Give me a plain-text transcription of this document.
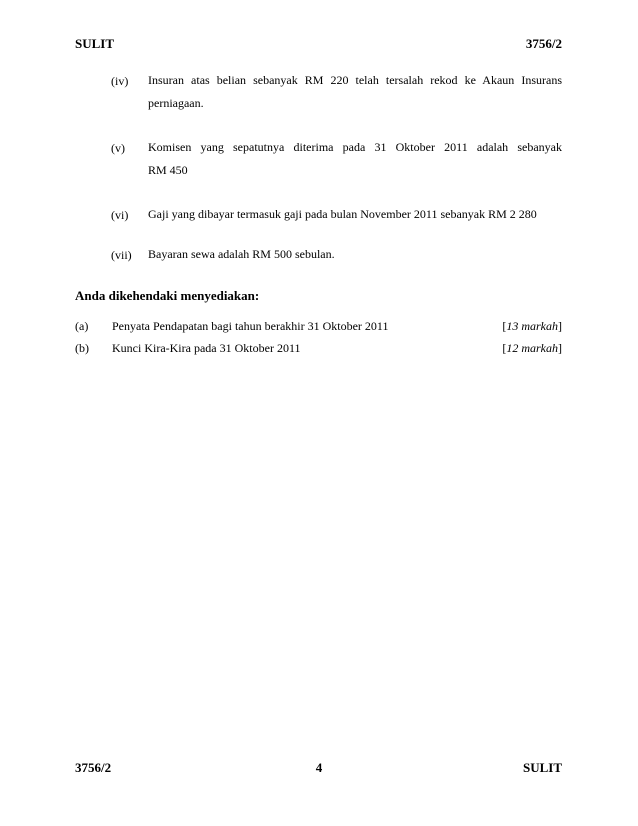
SULIT	3756/2
(iv) Insuran atas belian sebanyak RM 220 telah tersalah rekod ke Akaun Insurans
perniagaan.
(v) Komisen yang sepatutnya diterima pada 31 Oktober 2011 adalah sebanyak
RM 450
(vi) Gaji yang dibayar termasuk gaji pada bulan November 2011 sebanyak RM 2 280
(vii) Bayaran sewa adalah RM 500 sebulan.
Anda dikehendaki menyediakan:
(a) Penyata Pendapatan bagi tahun berakhir 31 Oktober 2011	[13 markah]
(b) Kunci Kira-Kira pada 31 Oktober 2011	[12 markah]
3756/2	4	SULIT
